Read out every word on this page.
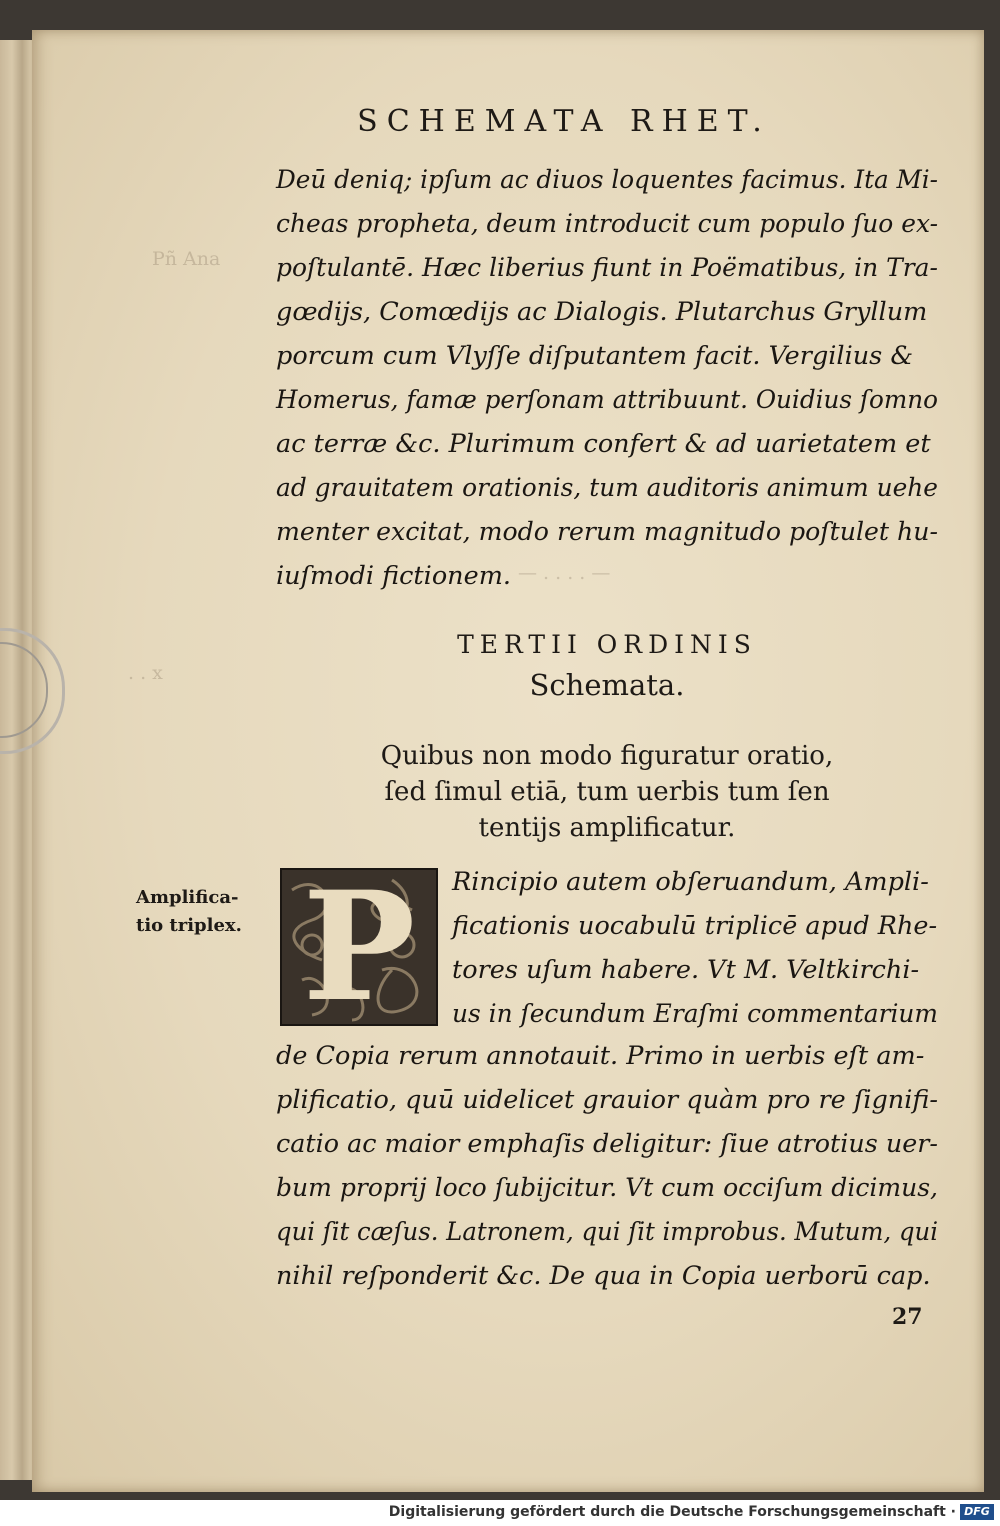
Pñ Ana
— . . . . —
. . x
SCHEMATA RHET.
Deū deniq; ipſum ac diuos loquentes facimus. Ita Mi-
cheas propheta, deum introducit cum populo ſuo ex-
poſtulantē. Hæc liberius fiunt in Poëmatibus, in Tra-
gœdijs, Comœdijs ac Dialogis. Plutarchus Gryllum
porcum cum Vlyſſe diſputantem facit. Vergilius &
Homerus, famæ perſonam attribuunt. Ouidius ſomno
ac terræ &c. Plurimum confert & ad uarietatem et
ad grauitatem orationis, tum auditoris animum uehe
menter excitat, modo rerum magnitudo poſtulet hu-
iuſmodi fictionem.
TERTII ORDINIS
Schemata.
Quibus non modo figuratur oratio,
ſed ſimul etiā, tum uerbis tum ſen
tentijs amplificatur.
Amplifica-
tio triplex. P	Rincipio autem obſeruandum, Ampli-
ficationis uocabulū triplicē apud Rhe-
tores uſum habere. Vt M. Veltkirchi-
us in ſecundum Eraſmi commentarium
de Copia rerum annotauit. Primo in uerbis eſt am-
plificatio, quū uidelicet grauior quàm pro re ſignifi-
catio ac maior emphaſis deligitur: ſiue atrotius uer-
bum proprij loco ſubijcitur. Vt cum occiſum dicimus,
qui ſit cæſus. Latronem, qui ſit improbus. Mutum, qui
nihil reſponderit &c. De qua in Copia uerborū cap.
27
Digitalisierung gefördert durch die Deutsche Forschungsgemeinschaft · DFG
